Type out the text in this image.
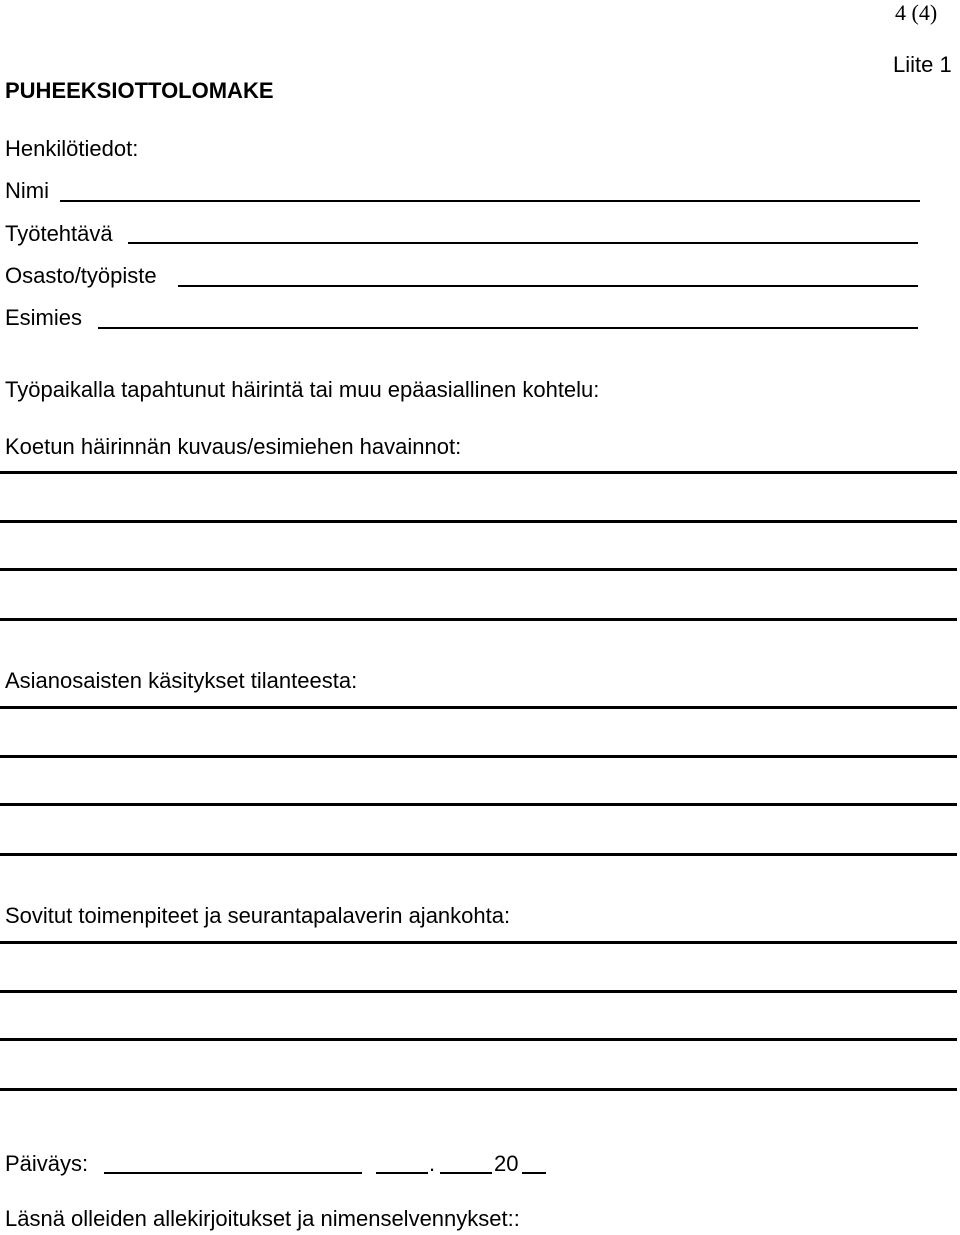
4 (4)
Liite 1
PUHEEKSIOTTOLOMAKE
Henkilötiedot:
Nimi
Työtehtävä
Osasto/työpiste
Esimies
Työpaikalla tapahtunut häirintä tai muu epäasiallinen kohtelu:
Koetun häirinnän kuvaus/esimiehen havainnot:
Asianosaisten käsitykset tilanteesta:
Sovitut toimenpiteet ja seurantapalaverin ajankohta:
Päiväys:	.	20
Läsnä olleiden allekirjoitukset ja nimenselvennykset::
